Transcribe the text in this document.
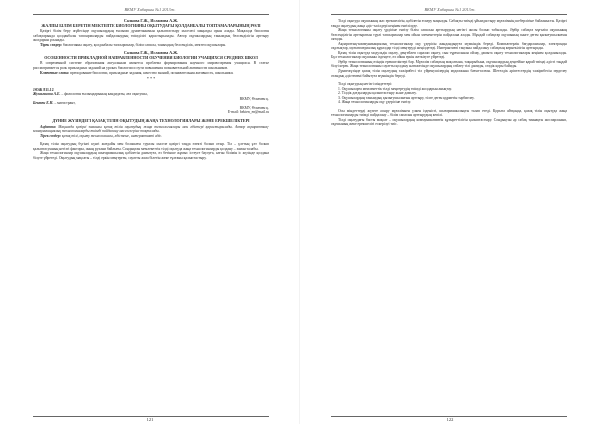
ВКМУ Хабаршы №1 2013ж.

Салкова Г.Ж., Исламова А.Ж.

ЖАЛПЫ БІЛІМ БЕРЕТІН МЕКТЕПТЕ БИОЛОГИЯНЫ ОҚЫТУДАҒЫ ҚОЛДАНБАЛЫ ТОПТАМАЛАРЫНЫҢ РӨЛІ

Қазіргі білім беру жүйесінде оқушылардың ғылыми дүниетанымын қалыптастыру мәселесі маңызды орын алады. Мақалада биология сабақтарында қолданбалы тапсырмаларды пайдаланудың тиімділігі қарастырылады. Автор оқушылардың танымдық белсенділігін арттыру жолдарын ұсынады.

Тірек сөздер: биологияны оқыту, қолданбалы тапсырмалар, білім сапасы, танымдық белсенділік, мектеп оқушылары.

Салкова Г.Ж., Исламова А.Ж.

ОСОБЕННОСТИ ПРИКЛАДНОЙ НАПРАВЛЕННОСТИ ОБУЧЕНИЯ БИОЛОГИИ УЧАЩИХСЯ СРЕДНИХ ШКОЛ

В современной системе образования актуальным является проблема формирования научного мировоззрения учащихся. В статье рассматривается роль прикладных заданий на уроках биологии и пути повышения познавательной активности школьников.

Ключевые слова: преподавание биологии, прикладные задания, качество знаний, познавательная активность, школьники.

* * *

ӘОЖ 811.12

Жумаганова А.Е. – филология ғылымдарының кандидаты, аға оқытушы,

ВКМУ, Өскемен қ.

Бектен Е.Н. – магистрант,

ВКМУ, Өскемен қ.

E-mail: bekten_en@mail.ru

ДҮНИЕ ЖҮЗІНДЕГІ ҚАЗАҚ ТІЛІН ОҚЫТУДЫҢ ЖАҢА ТЕХНОЛОГИЯЛАРЫ ЖӘНЕ ЕРЕКШЕЛІКТЕРІ

Аңдатпа: Мақалада қазіргі заманғы қазақ тілін оқытудың жаңа технологиялары мен әдістері қарастырылады. Автор ақпараттық-коммуникациялық технологияларды тиімді пайдалану мәселелеріне тоқталады.

Тірек сөздер: қазақ тілі, оқыту технологиясы, әдістеме, интерактивті әдіс.

Қазақ тілін оқытудың бүгінгі күнгі жағдайы мен болашағы туралы мәселе қазіргі таңда өзекті болып отыр. Тіл – ұлттың ұлт болып қалыптасуының негізгі факторы, оның рухани байлығы. Сондықтан мемлекеттік тілді оқытуда жаңа технологияларды қолдану – заман талабы.

Жаңа технологиялар оқушылардың шығармашылық қабілетін дамытуға, өз бетінше жұмыс істеуге баулуға, алған білімін іс жүзінде қолдана білуге үйретеді. Оқытудың мақсаты – тілді еркін меңгерген, сауатты жаза білетін жеке тұлғаны қалыптастыру.

121
ВКМУ Хабаршы №1 2013ж.

Тілді оқытуда оқушының жас ерекшелігін, қабілетін ескеру маңызды. Сабақты тиімді ұйымдастыру мұғалімнің шеберлігіне байланысты. Қазіргі таңда оқытудың жаңа әдіс-тәсілдері кеңінен енгізілуде.

Жаңа технологияны оқыту үрдісіне енгізу білім сапасын арттырудың негізгі жолы болып табылады. Әрбір сабақта мұғалім оқушының белсенділігін арттыратын түрлі тапсырмалар мен ойын элементтерін пайдалана алады. Мұндай сабақтар оқушының пәнге деген қызығушылығын оятады.

Ақпараттық-коммуникациялық технологиялар оқу үдерісін жандандыруға мүмкіндік береді. Компьютерлік бағдарламалар, электронды оқулықтар, мультимедиялық құралдар тілді меңгеруді жеңілдетеді. Интерактивті тақтаны пайдалану сабақтың көрнекілігін арттырады.

Қазақ тілін оқытуда модульдік оқыту, деңгейлеп саралап оқыту, сын тұрғысынан ойлау, дамыта оқыту технологиялары кеңінен қолданылады. Бұл технологиялар оқушыны ізденуге, өз ойын еркін жеткізуге үйретеді.

Әрбір технологияның өзіндік ерекшеліктері бар. Мұғалім сабақтың мақсатына, тақырыбына, оқушылардың деңгейіне қарай тиімді әдісті таңдай білуі керек. Жаңа технологияны сауатты қолдану нәтижесінде оқушылардың сөйлеу тілі дамиды, сөздік қоры байиды.

Дүниежүзінде қазақ тілін оқытудың тәжірибесі тіл үйренушілердің мұқтажына бағытталған. Шетелдік әріптестердің тәжірибесін зерделеу отандық әдістемені байытуға мүмкіндік береді.

Тілді оқытудың негізгі міндеттері:

1. Оқушыларға мемлекеттік тілді меңгертудің тиімді жолдарын анықтау.

2. Тілдік дағдыларды қалыптастыру және дамыту.

3. Оқушылардың танымдық қызығушылығын арттыру, тілге деген құрметін тәрбиелеу.

4. Жаңа технологияларды оқу үдерісіне енгізу.

Осы міндеттерді жүзеге асыру мұғалімнен үлкен ізденісті, шығармашылықты талап етеді. Қорыта айтқанда, қазақ тілін оқытуда жаңа технологияларды тиімді пайдалану – білім сапасын арттырудың кепілі.

Тілді оқытудағы басты мақсат – оқушылардың коммуникативтік құзыреттілігін қалыптастыру. Сондықтан әр сабақ тиянақты жоспарланып, оқушының жеке ерекшелігі ескерілуі тиіс.

122
